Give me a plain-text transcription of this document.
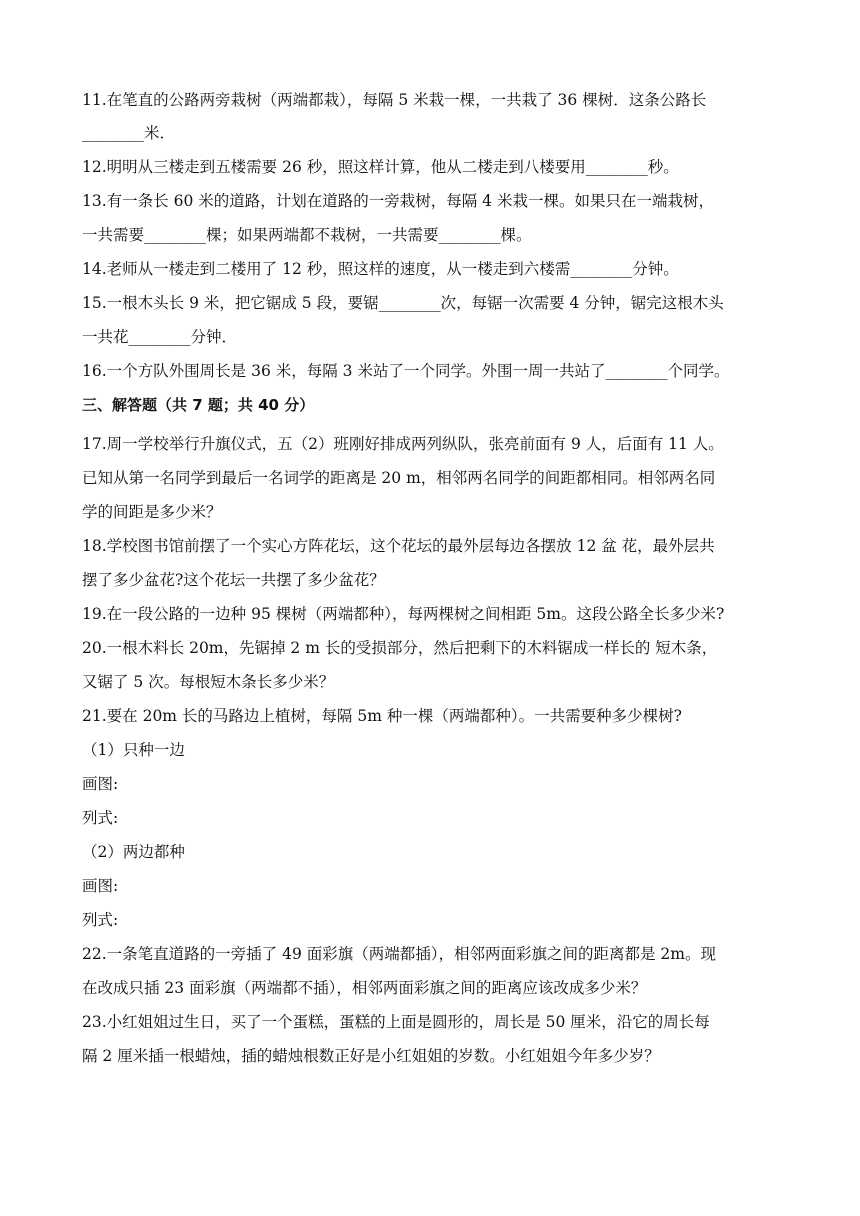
11.在笔直的公路两旁栽树（两端都栽），每隔 5 米栽一棵，一共栽了 36 棵树．这条公路长
________米．
12.明明从三楼走到五楼需要 26 秒，照这样计算，他从二楼走到八楼要用________秒。
13.有一条长 60 米的道路，计划在道路的一旁栽树，每隔 4 米栽一棵。如果只在一端栽树，
一共需要________棵；如果两端都不栽树，一共需要________棵。
14.老师从一楼走到二楼用了 12 秒，照这样的速度，从一楼走到六楼需________分钟。
15.一根木头长 9 米，把它锯成 5 段，要锯________次，每锯一次需要 4 分钟，锯完这根木头
一共花________分钟．
16.一个方队外围周长是 36 米，每隔 3 米站了一个同学。外围一周一共站了________个同学。
三、解答题（共 7 题；共 40 分）
17.周一学校举行升旗仪式，五（2）班刚好排成两列纵队，张亮前面有 9 人，后面有 11 人。
已知从第一名同学到最后一名词学的距离是 20 m，相邻两名同学的间距都相同。相邻两名同
学的间距是多少米？
18.学校图书馆前摆了一个实心方阵花坛，这个花坛的最外层每边各摆放 12 盆 花，最外层共
摆了多少盆花?这个花坛一共摆了多少盆花？
19.在一段公路的一边种 95 棵树（两端都种），每两棵树之间相距 5m。这段公路全长多少米?
20.一根木料长 20m，先锯掉 2 m 长的受损部分，然后把剩下的木料锯成一样长的 短木条，
又锯了 5 次。每根短木条长多少米？
21.要在 20m 长的马路边上植树，每隔 5m 种一棵（两端都种）。一共需要种多少棵树?
（1）只种一边
画图:
列式:
（2）两边都种
画图:
列式:
22.一条笔直道路的一旁插了 49 面彩旗（两端都插），相邻两面彩旗之间的距离都是 2m。现
在改成只插 23 面彩旗（两端都不插），相邻两面彩旗之间的距离应该改成多少米？
23.小红姐姐过生日，买了一个蛋糕，蛋糕的上面是圆形的，周长是 50 厘米，沿它的周长每
隔 2 厘米插一根蜡烛，插的蜡烛根数正好是小红姐姐的岁数。小红姐姐今年多少岁？
